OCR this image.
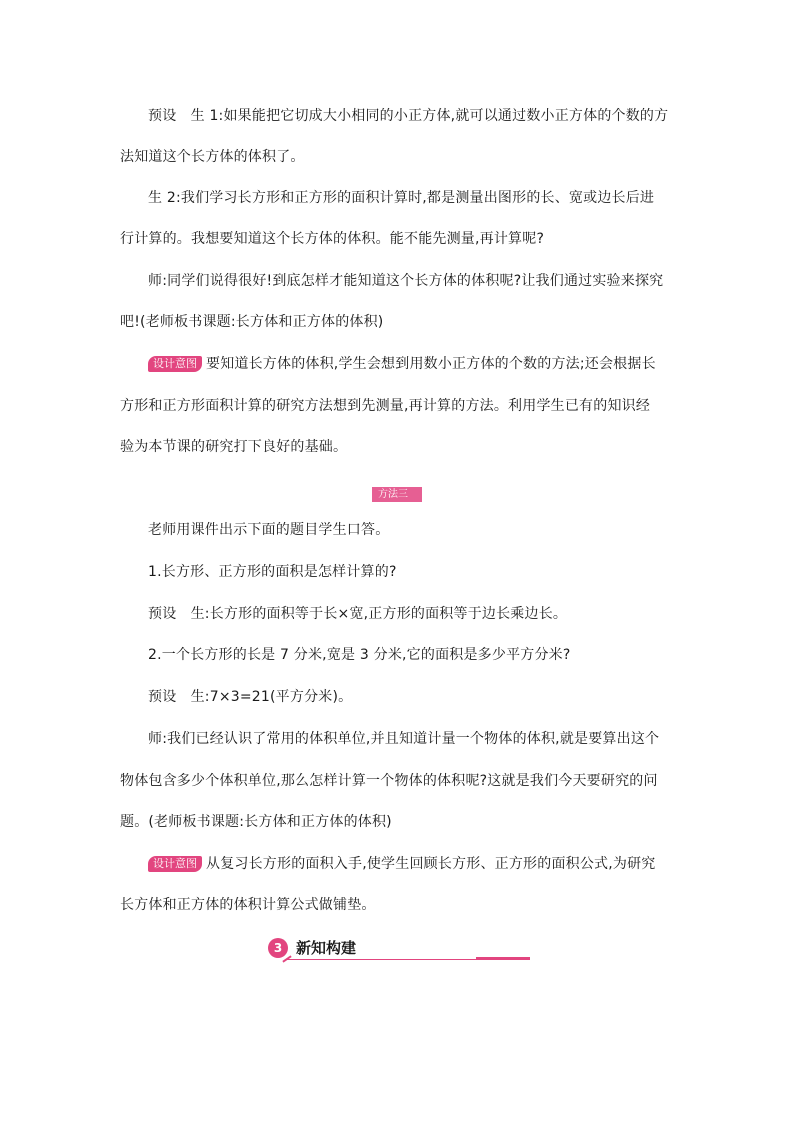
预设　生 1:如果能把它切成大小相同的小正方体,就可以通过数小正方体的个数的方
法知道这个长方体的体积了。
生 2:我们学习长方形和正方形的面积计算时,都是测量出图形的长、宽或边长后进
行计算的。我想要知道这个长方体的体积。能不能先测量,再计算呢?
师:同学们说得很好!到底怎样才能知道这个长方体的体积呢?让我们通过实验来探究
吧!(老师板书课题:长方体和正方体的体积)
设计意图 要知道长方体的体积,学生会想到用数小正方体的个数的方法;还会根据长
方形和正方形面积计算的研究方法想到先测量,再计算的方法。利用学生已有的知识经
验为本节课的研究打下良好的基础。
方法三
老师用课件出示下面的题目学生口答。
1.长方形、正方形的面积是怎样计算的?
预设　生:长方形的面积等于长×宽,正方形的面积等于边长乘边长。
2.一个长方形的长是 7 分米,宽是 3 分米,它的面积是多少平方分米?
预设　生:7×3=21(平方分米)。
师:我们已经认识了常用的体积单位,并且知道计量一个物体的体积,就是要算出这个
物体包含多少个体积单位,那么怎样计算一个物体的体积呢?这就是我们今天要研究的问
题。(老师板书课题:长方体和正方体的体积)
设计意图 从复习长方形的面积入手,使学生回顾长方形、正方形的面积公式,为研究
长方体和正方体的体积计算公式做铺垫。
3 新知构建
